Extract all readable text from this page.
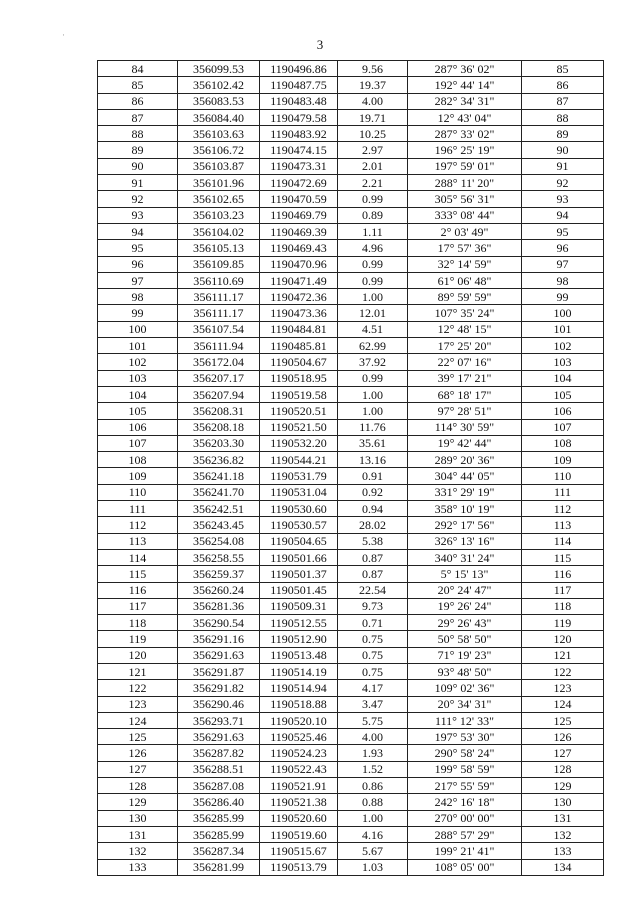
·
3
84	356099.53	1190496.86	9.56	287° 36' 02"	85
85	356102.42	1190487.75	19.37	192° 44' 14"	86
86	356083.53	1190483.48	4.00	282° 34' 31"	87
87	356084.40	1190479.58	19.71	12° 43' 04"	88
88	356103.63	1190483.92	10.25	287° 33' 02"	89
89	356106.72	1190474.15	2.97	196° 25' 19"	90
90	356103.87	1190473.31	2.01	197° 59' 01"	91
91	356101.96	1190472.69	2.21	288° 11' 20"	92
92	356102.65	1190470.59	0.99	305° 56' 31"	93
93	356103.23	1190469.79	0.89	333° 08' 44"	94
94	356104.02	1190469.39	1.11	2° 03' 49"	95
95	356105.13	1190469.43	4.96	17° 57' 36"	96
96	356109.85	1190470.96	0.99	32° 14' 59"	97
97	356110.69	1190471.49	0.99	61° 06' 48"	98
98	356111.17	1190472.36	1.00	89° 59' 59"	99
99	356111.17	1190473.36	12.01	107° 35' 24"	100
100	356107.54	1190484.81	4.51	12° 48' 15"	101
101	356111.94	1190485.81	62.99	17° 25' 20"	102
102	356172.04	1190504.67	37.92	22° 07' 16"	103
103	356207.17	1190518.95	0.99	39° 17' 21"	104
104	356207.94	1190519.58	1.00	68° 18' 17"	105
105	356208.31	1190520.51	1.00	97° 28' 51"	106
106	356208.18	1190521.50	11.76	114° 30' 59"	107
107	356203.30	1190532.20	35.61	19° 42' 44"	108
108	356236.82	1190544.21	13.16	289° 20' 36"	109
109	356241.18	1190531.79	0.91	304° 44' 05"	110
110	356241.70	1190531.04	0.92	331° 29' 19"	111
111	356242.51	1190530.60	0.94	358° 10' 19"	112
112	356243.45	1190530.57	28.02	292° 17' 56"	113
113	356254.08	1190504.65	5.38	326° 13' 16"	114
114	356258.55	1190501.66	0.87	340° 31' 24"	115
115	356259.37	1190501.37	0.87	5° 15' 13"	116
116	356260.24	1190501.45	22.54	20° 24' 47"	117
117	356281.36	1190509.31	9.73	19° 26' 24"	118
118	356290.54	1190512.55	0.71	29° 26' 43"	119
119	356291.16	1190512.90	0.75	50° 58' 50"	120
120	356291.63	1190513.48	0.75	71° 19' 23"	121
121	356291.87	1190514.19	0.75	93° 48' 50"	122
122	356291.82	1190514.94	4.17	109° 02' 36"	123
123	356290.46	1190518.88	3.47	20° 34' 31"	124
124	356293.71	1190520.10	5.75	111° 12' 33"	125
125	356291.63	1190525.46	4.00	197° 53' 30"	126
126	356287.82	1190524.23	1.93	290° 58' 24"	127
127	356288.51	1190522.43	1.52	199° 58' 59"	128
128	356287.08	1190521.91	0.86	217° 55' 59"	129
129	356286.40	1190521.38	0.88	242° 16' 18"	130
130	356285.99	1190520.60	1.00	270° 00' 00"	131
131	356285.99	1190519.60	4.16	288° 57' 29"	132
132	356287.34	1190515.67	5.67	199° 21' 41"	133
133	356281.99	1190513.79	1.03	108° 05' 00"	134
